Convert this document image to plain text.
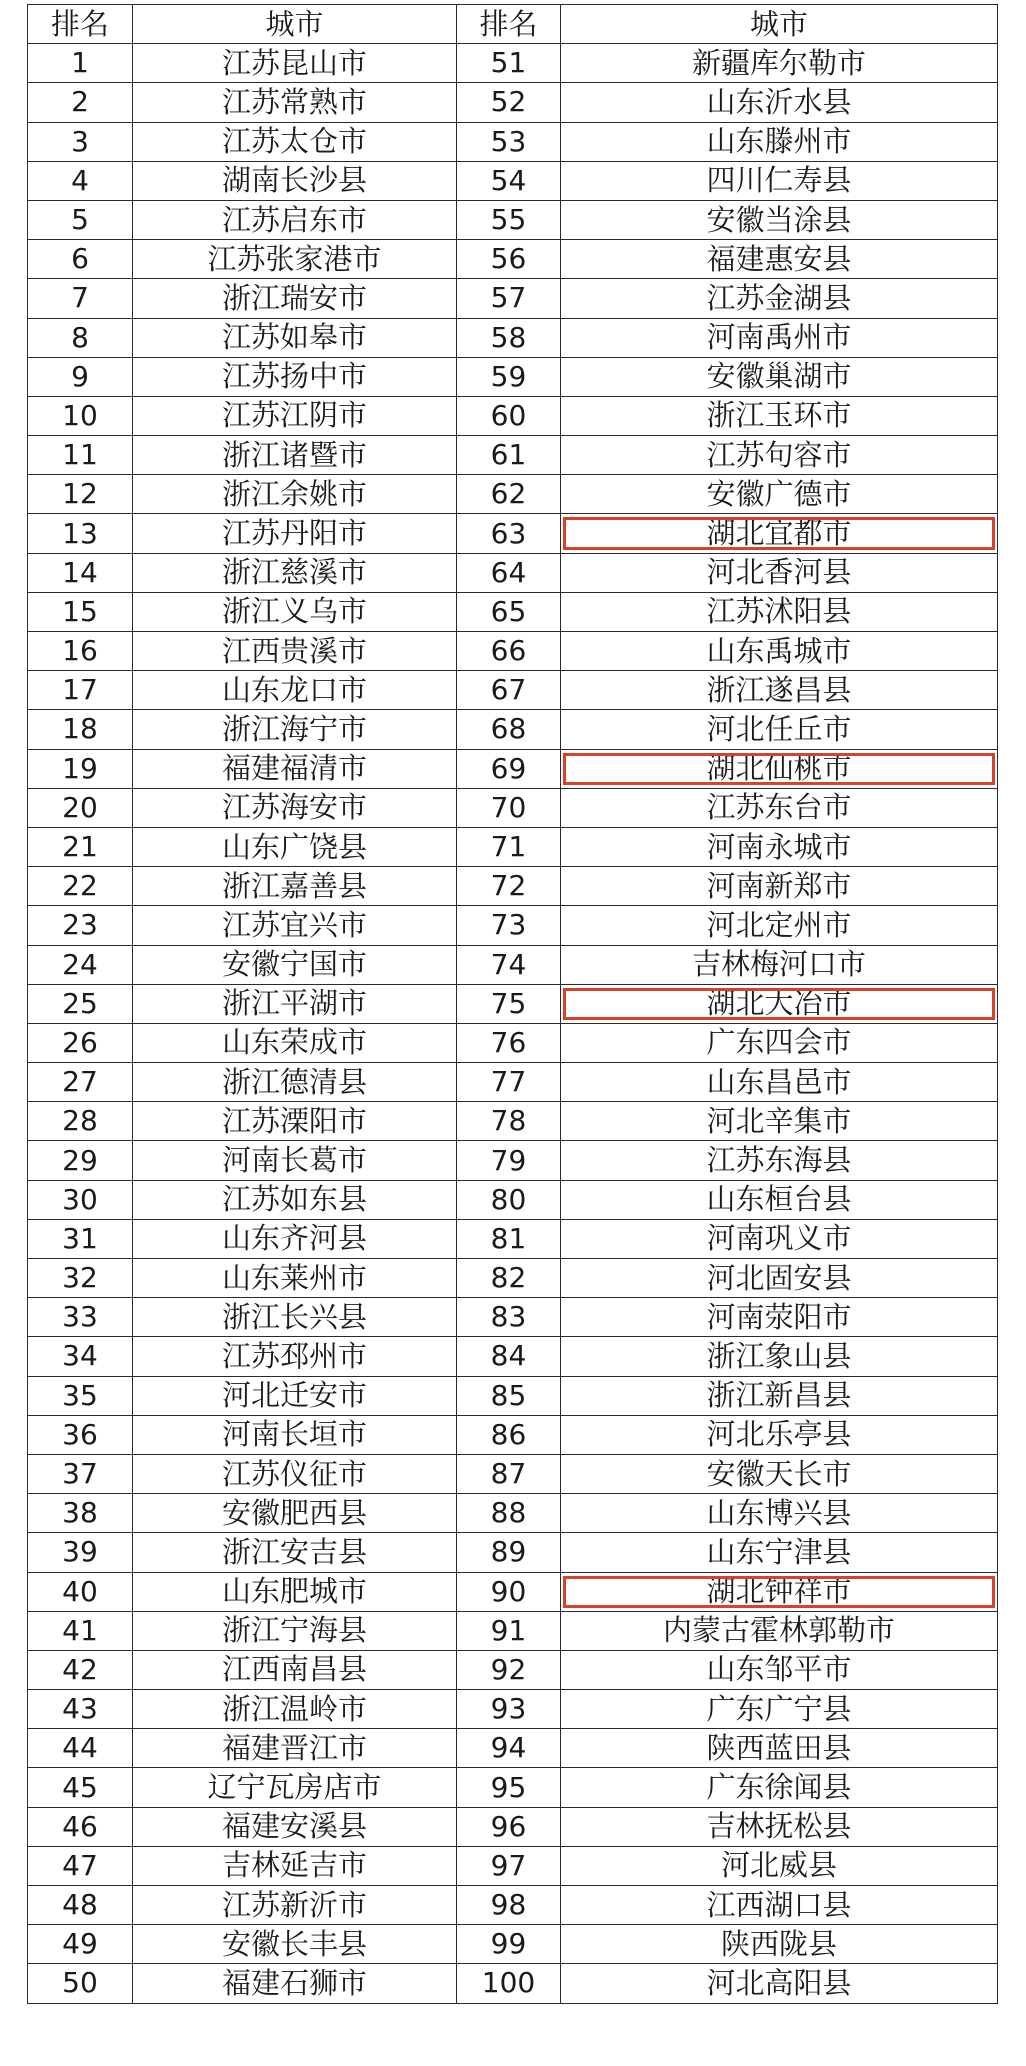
排名	城市	排名	城市
1	江苏昆山市	51	新疆库尔勒市
2	江苏常熟市	52	山东沂水县
3	江苏太仓市	53	山东滕州市
4	湖南长沙县	54	四川仁寿县
5	江苏启东市	55	安徽当涂县
6	江苏张家港市	56	福建惠安县
7	浙江瑞安市	57	江苏金湖县
8	江苏如皋市	58	河南禹州市
9	江苏扬中市	59	安徽巢湖市
10	江苏江阴市	60	浙江玉环市
11	浙江诸暨市	61	江苏句容市
12	浙江余姚市	62	安徽广德市
13	江苏丹阳市	63	湖北宜都市

14	浙江慈溪市	64	河北香河县
15	浙江义乌市	65	江苏沭阳县
16	江西贵溪市	66	山东禹城市
17	山东龙口市	67	浙江遂昌县
18	浙江海宁市	68	河北任丘市
19	福建福清市	69	湖北仙桃市

20	江苏海安市	70	江苏东台市
21	山东广饶县	71	河南永城市
22	浙江嘉善县	72	河南新郑市
23	江苏宜兴市	73	河北定州市
24	安徽宁国市	74	吉林梅河口市
25	浙江平湖市	75	湖北大冶市

26	山东荣成市	76	广东四会市
27	浙江德清县	77	山东昌邑市
28	江苏溧阳市	78	河北辛集市
29	河南长葛市	79	江苏东海县
30	江苏如东县	80	山东桓台县
31	山东齐河县	81	河南巩义市
32	山东莱州市	82	河北固安县
33	浙江长兴县	83	河南荥阳市
34	江苏邳州市	84	浙江象山县
35	河北迁安市	85	浙江新昌县
36	河南长垣市	86	河北乐亭县
37	江苏仪征市	87	安徽天长市
38	安徽肥西县	88	山东博兴县
39	浙江安吉县	89	山东宁津县
40	山东肥城市	90	湖北钟祥市

41	浙江宁海县	91	内蒙古霍林郭勒市
42	江西南昌县	92	山东邹平市
43	浙江温岭市	93	广东广宁县
44	福建晋江市	94	陕西蓝田县
45	辽宁瓦房店市	95	广东徐闻县
46	福建安溪县	96	吉林抚松县
47	吉林延吉市	97	河北威县
48	江苏新沂市	98	江西湖口县
49	安徽长丰县	99	陕西陇县
50	福建石狮市	100	河北高阳县
